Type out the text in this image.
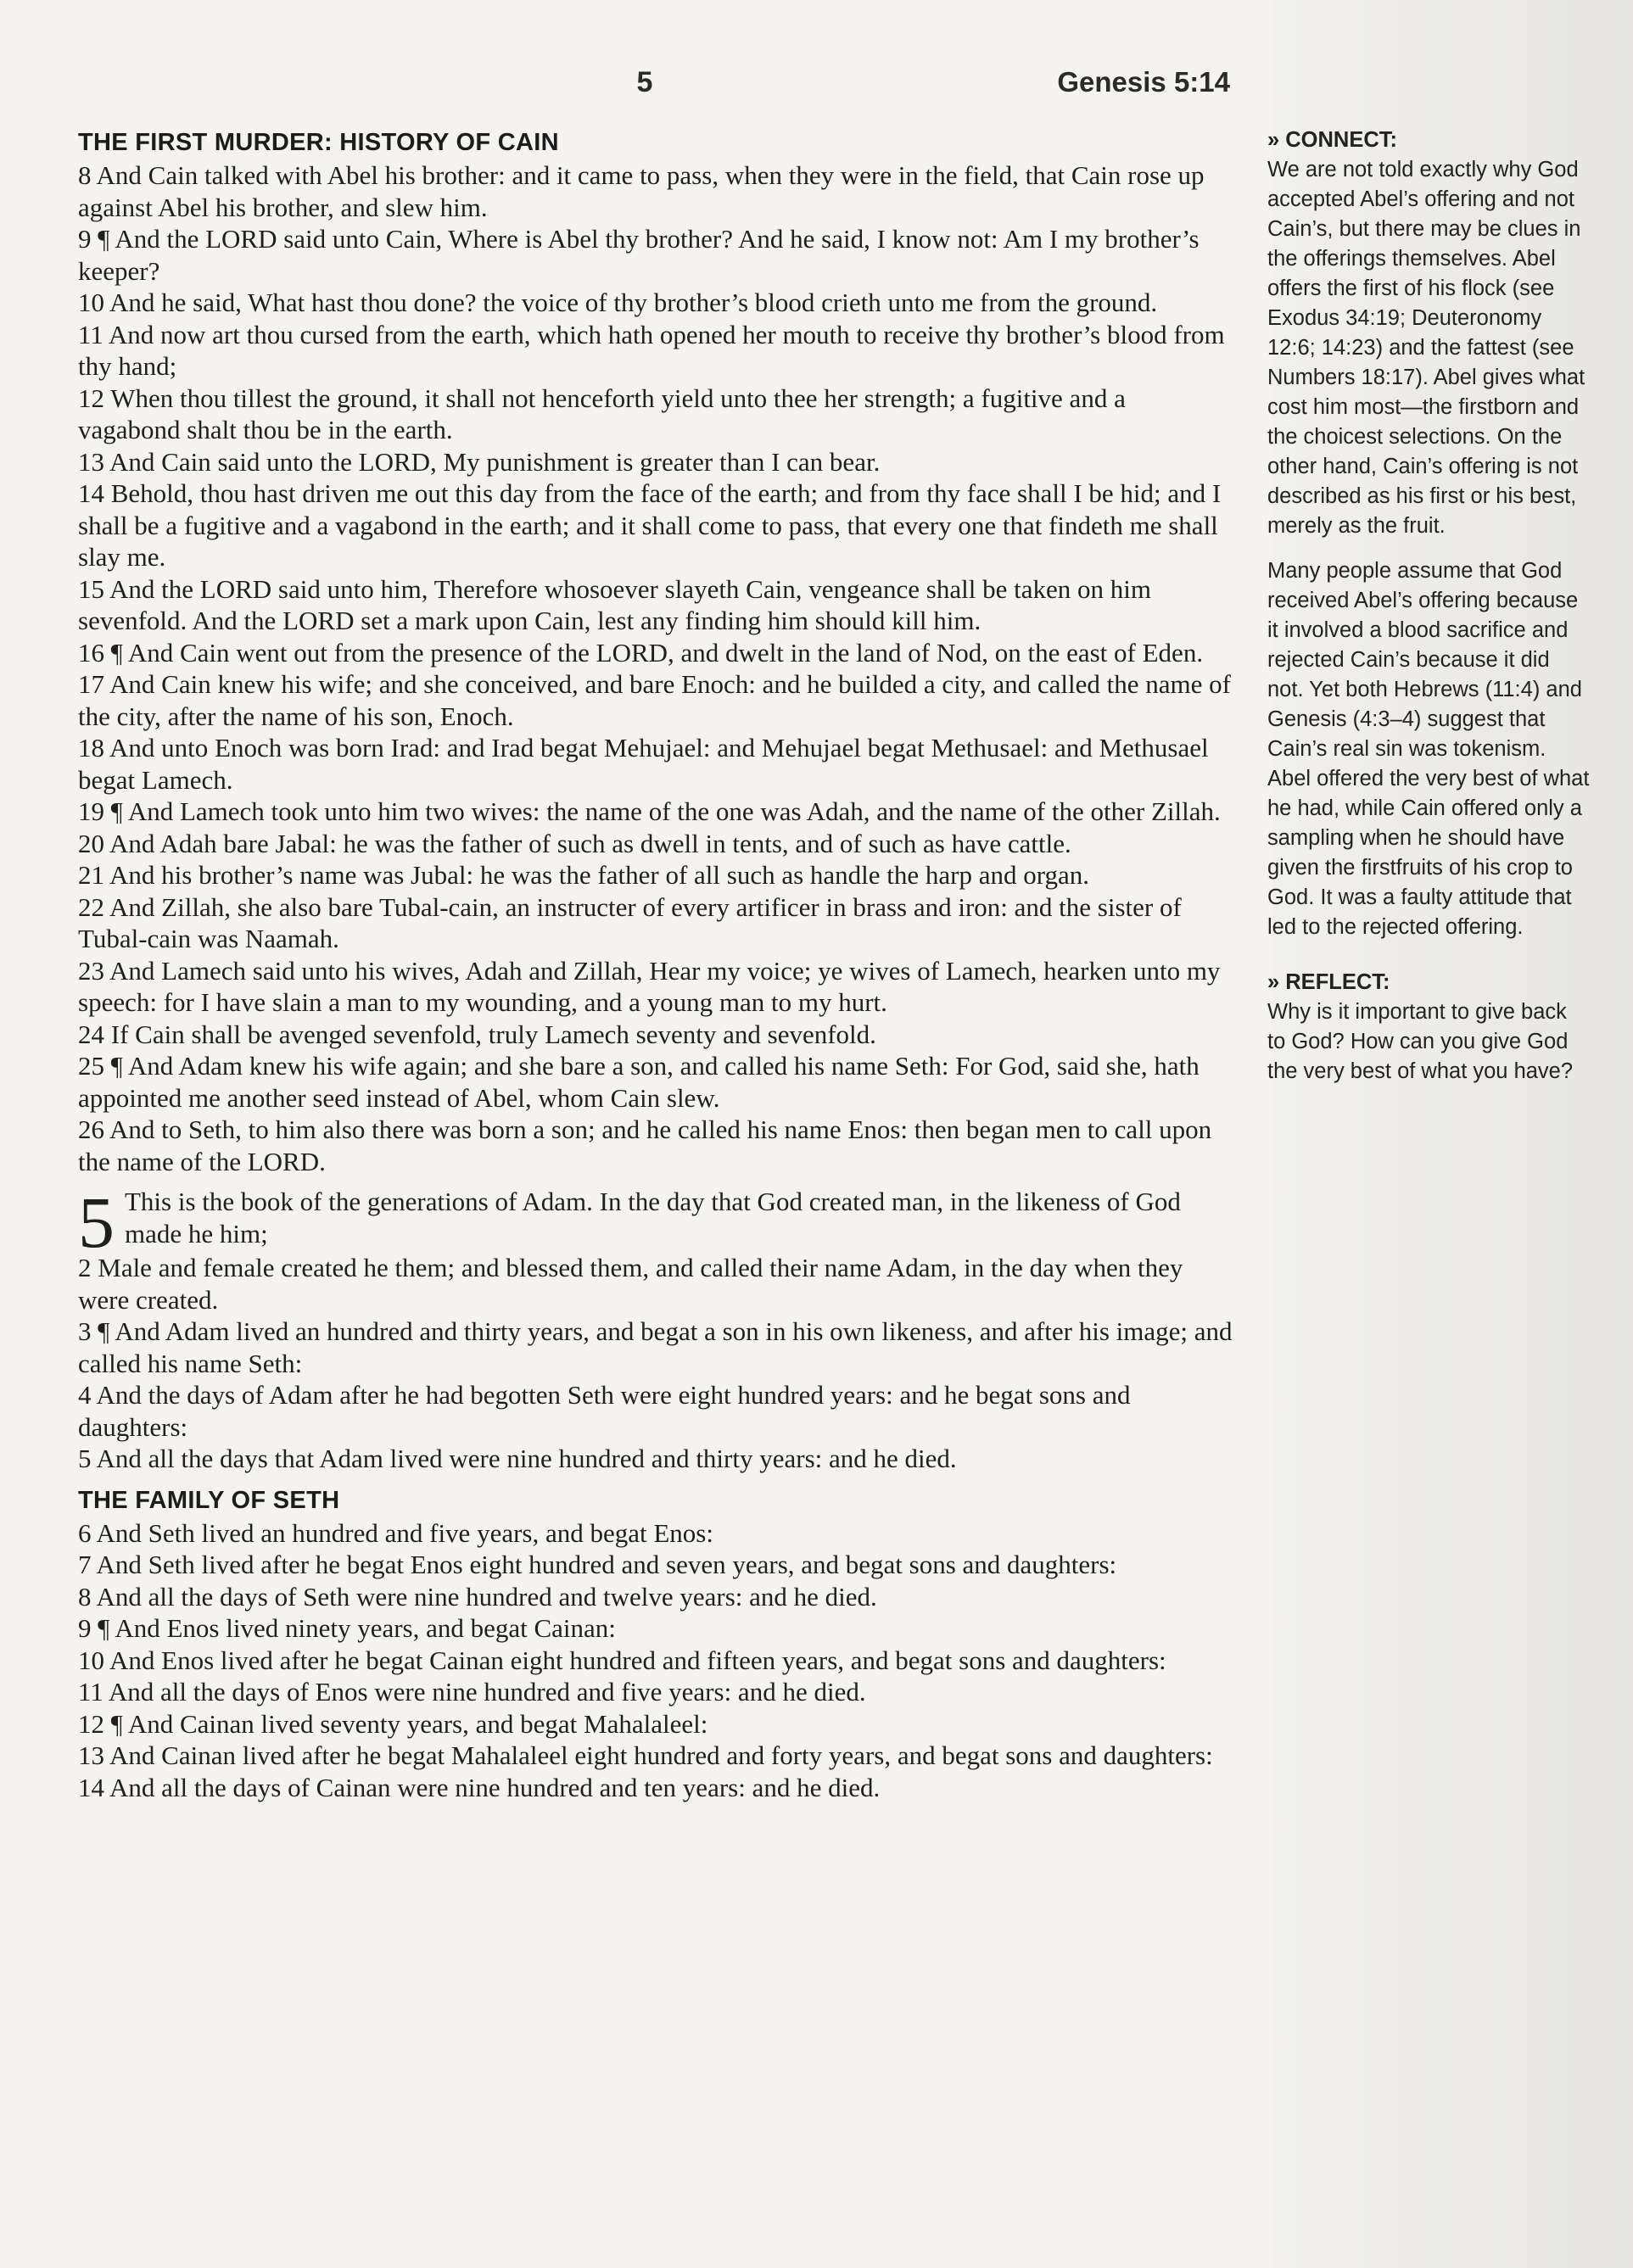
5	Genesis 5:14

THE FIRST MURDER: HISTORY OF CAIN

8 And Cain talked with Abel his brother: and it came to pass, when they were in the field, that Cain rose up against Abel his brother, and slew him.

9 ¶ And the LORD said unto Cain, Where is Abel thy brother? And he said, I know not: Am I my brother’s keeper?

10 And he said, What hast thou done? the voice of thy brother’s blood crieth unto me from the ground.

11 And now art thou cursed from the earth, which hath opened her mouth to receive thy brother’s blood from thy hand;

12 When thou tillest the ground, it shall not henceforth yield unto thee her strength; a fugitive and a vagabond shalt thou be in the earth.

13 And Cain said unto the LORD, My punishment is greater than I can bear.

14 Behold, thou hast driven me out this day from the face of the earth; and from thy face shall I be hid; and I shall be a fugitive and a vagabond in the earth; and it shall come to pass, that every one that findeth me shall slay me.

15 And the LORD said unto him, Therefore whosoever slayeth Cain, vengeance shall be taken on him sevenfold. And the LORD set a mark upon Cain, lest any finding him should kill him.

16 ¶ And Cain went out from the presence of the LORD, and dwelt in the land of Nod, on the east of Eden.

17 And Cain knew his wife; and she conceived, and bare Enoch: and he builded a city, and called the name of the city, after the name of his son, Enoch.

18 And unto Enoch was born Irad: and Irad begat Mehujael: and Mehujael begat Methusael: and Methusael begat Lamech.

19 ¶ And Lamech took unto him two wives: the name of the one was Adah, and the name of the other Zillah.

20 And Adah bare Jabal: he was the father of such as dwell in tents, and of such as have cattle.

21 And his brother’s name was Jubal: he was the father of all such as handle the harp and organ.

22 And Zillah, she also bare Tubal-cain, an instructer of every artificer in brass and iron: and the sister of Tubal-cain was Naamah.

23 And Lamech said unto his wives, Adah and Zillah, Hear my voice; ye wives of Lamech, hearken unto my speech: for I have slain a man to my wounding, and a young man to my hurt.

24 If Cain shall be avenged sevenfold, truly Lamech seventy and sevenfold.

25 ¶ And Adam knew his wife again; and she bare a son, and called his name Seth: For God, said she, hath appointed me another seed instead of Abel, whom Cain slew.

26 And to Seth, to him also there was born a son; and he called his name Enos: then began men to call upon the name of the LORD.

5 This is the book of the generations of Adam. In the day that God created man, in the likeness of God made he him;

2 Male and female created he them; and blessed them, and called their name Adam, in the day when they were created.

3 ¶ And Adam lived an hundred and thirty years, and begat a son in his own likeness, and after his image; and called his name Seth:

4 And the days of Adam after he had begotten Seth were eight hundred years: and he begat sons and daughters:

5 And all the days that Adam lived were nine hundred and thirty years: and he died.

THE FAMILY OF SETH

6 And Seth lived an hundred and five years, and begat Enos:

7 And Seth lived after he begat Enos eight hundred and seven years, and begat sons and daughters:

8 And all the days of Seth were nine hundred and twelve years: and he died.

9 ¶ And Enos lived ninety years, and begat Cainan:

10 And Enos lived after he begat Cainan eight hundred and fifteen years, and begat sons and daughters:

11 And all the days of Enos were nine hundred and five years: and he died.

12 ¶ And Cainan lived seventy years, and begat Mahalaleel:

13 And Cainan lived after he begat Mahalaleel eight hundred and forty years, and begat sons and daughters:

14 And all the days of Cainan were nine hundred and ten years: and he died.

» CONNECT:

We are not told exactly why God accepted Abel’s offering and not Cain’s, but there may be clues in the offerings themselves. Abel offers the first of his flock (see Exodus 34:19; Deuteronomy 12:6; 14:23) and the fattest (see Numbers 18:17). Abel gives what cost him most—the firstborn and the choicest selections. On the other hand, Cain’s offering is not described as his first or his best, merely as the fruit.

Many people assume that God received Abel’s offering because it involved a blood sacrifice and rejected Cain’s because it did not. Yet both Hebrews (11:4) and Genesis (4:3–4) suggest that Cain’s real sin was tokenism. Abel offered the very best of what he had, while Cain offered only a sampling when he should have given the firstfruits of his crop to God. It was a faulty attitude that led to the rejected offering.

» REFLECT:

Why is it important to give back to God? How can you give God the very best of what you have?
